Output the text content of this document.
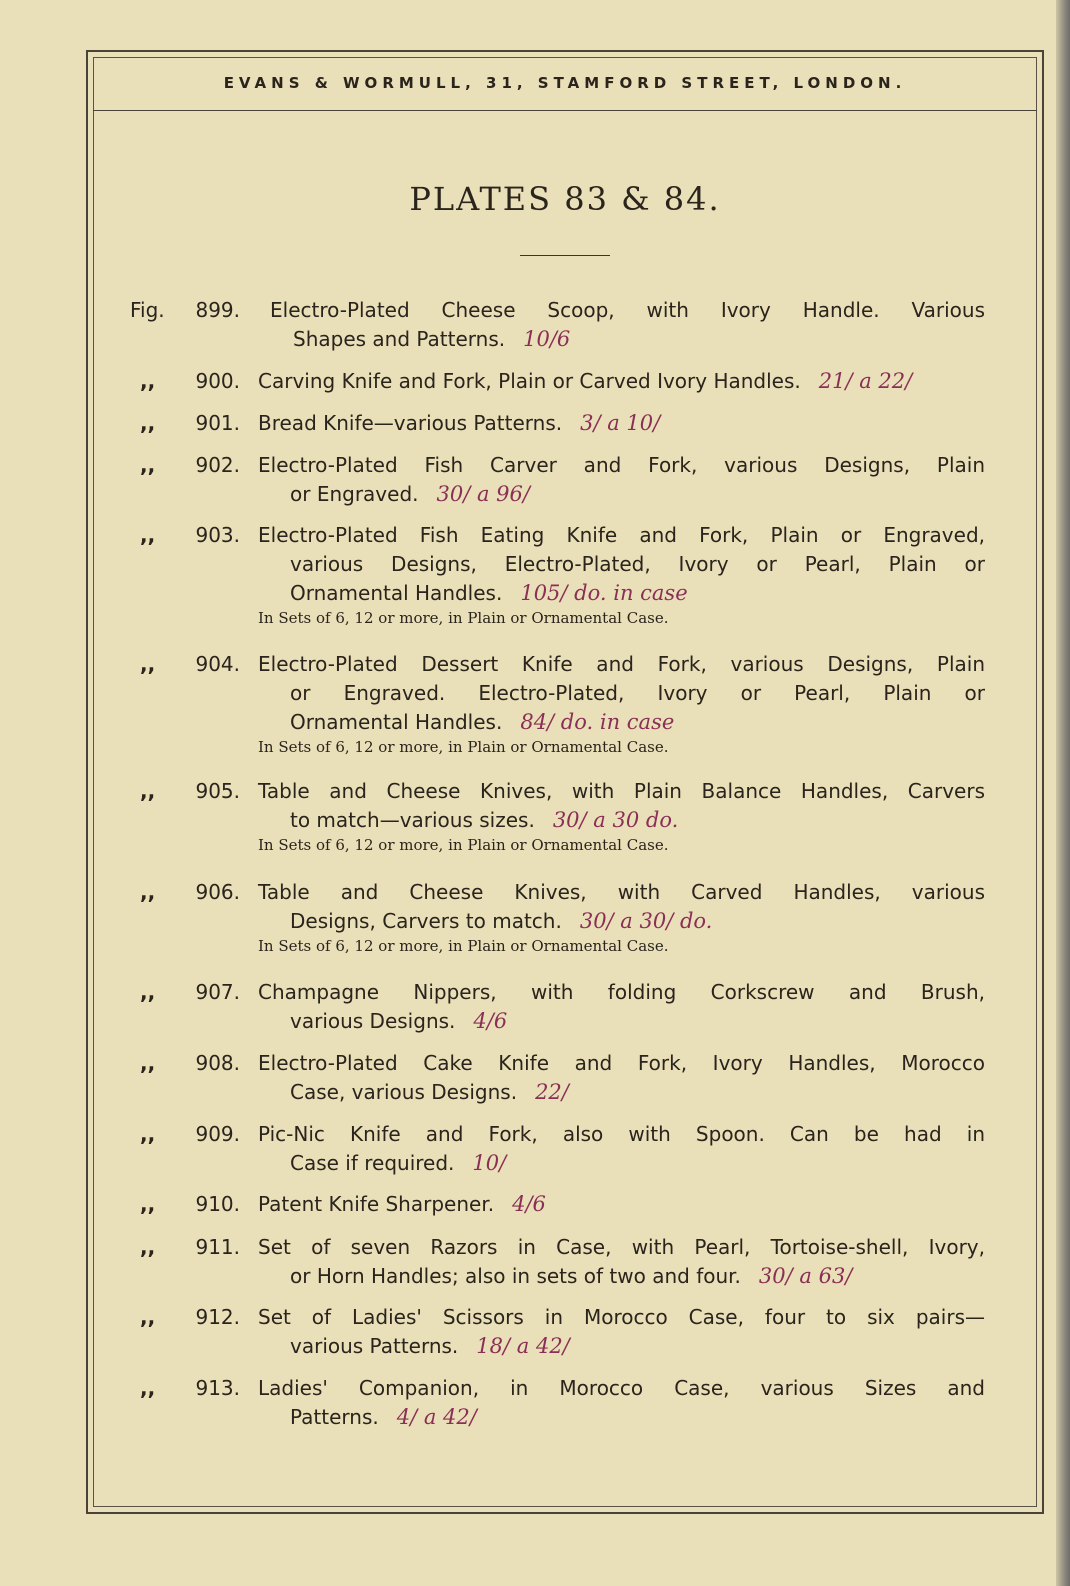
EVANS & WORMULL, 31, STAMFORD STREET, LONDON.
PLATES 83 & 84.
Fig.	899. Electro-Plated Cheese Scoop, with Ivory Handle. Various
Shapes and Patterns. 10/6
,,	900. Carving Knife and Fork, Plain or Carved Ivory Handles. 21/ a 22/
,,	901. Bread Knife—various Patterns. 3/ a 10/
,,	902. Electro-Plated Fish Carver and Fork, various Designs, Plain
or Engraved. 30/ a 96/
,,	903. Electro-Plated Fish Eating Knife and Fork, Plain or Engraved,
various Designs, Electro-Plated, Ivory or Pearl, Plain or
Ornamental Handles. 105/ do. in case
In Sets of 6, 12 or more, in Plain or Ornamental Case.
,,	904. Electro-Plated Dessert Knife and Fork, various Designs, Plain
or Engraved. Electro-Plated, Ivory or Pearl, Plain or
Ornamental Handles. 84/ do. in case
In Sets of 6, 12 or more, in Plain or Ornamental Case.
,,	905. Table and Cheese Knives, with Plain Balance Handles, Carvers
to match—various sizes. 30/ a 30 do.
In Sets of 6, 12 or more, in Plain or Ornamental Case.
,,	906. Table and Cheese Knives, with Carved Handles, various
Designs, Carvers to match. 30/ a 30/ do.
In Sets of 6, 12 or more, in Plain or Ornamental Case.
,,	907. Champagne Nippers, with folding Corkscrew and Brush,
various Designs. 4/6
,,	908. Electro-Plated Cake Knife and Fork, Ivory Handles, Morocco
Case, various Designs. 22/
,,	909. Pic-Nic Knife and Fork, also with Spoon. Can be had in
Case if required. 10/
,,	910. Patent Knife Sharpener. 4/6
,,	911. Set of seven Razors in Case, with Pearl, Tortoise-shell, Ivory,
or Horn Handles; also in sets of two and four. 30/ a 63/
,,	912. Set of Ladies' Scissors in Morocco Case, four to six pairs—
various Patterns. 18/ a 42/
,,	913. Ladies' Companion, in Morocco Case, various Sizes and
Patterns. 4/ a 42/
